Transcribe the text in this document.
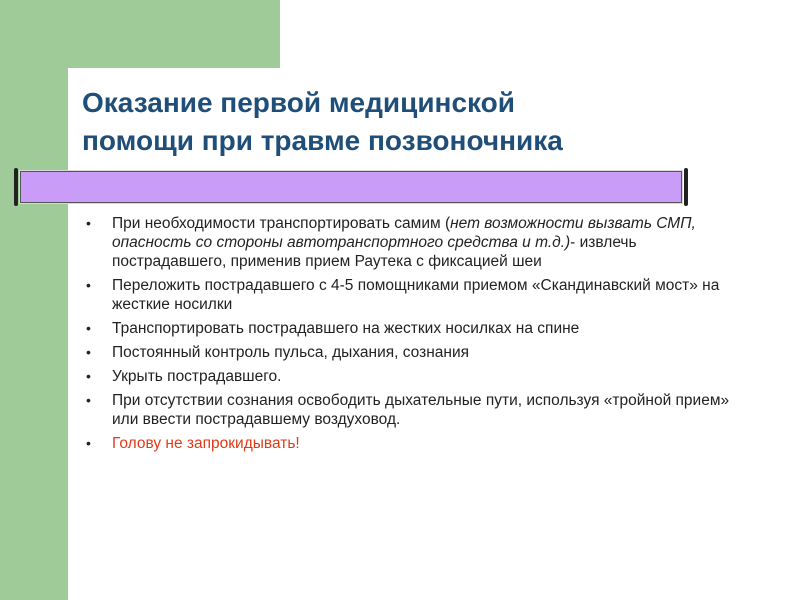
Оказание первой медицинской
помощи при травме позвоночника
• При необходимости транспортировать самим (нет возможности вызвать СМП, опасность со стороны автотранспортного средства и т.д.)- извлечь пострадавшего, применив прием Раутека с фиксацией шеи
• Переложить пострадавшего с 4-5 помощниками приемом «Скандинавский мост» на жесткие носилки
• Транспортировать пострадавшего на жестких носилках на спине
• Постоянный контроль пульса, дыхания, сознания
• Укрыть пострадавшего.
• При отсутствии сознания освободить дыхательные пути, используя «тройной прием» или ввести пострадавшему воздуховод.
• Голову не запрокидывать!
